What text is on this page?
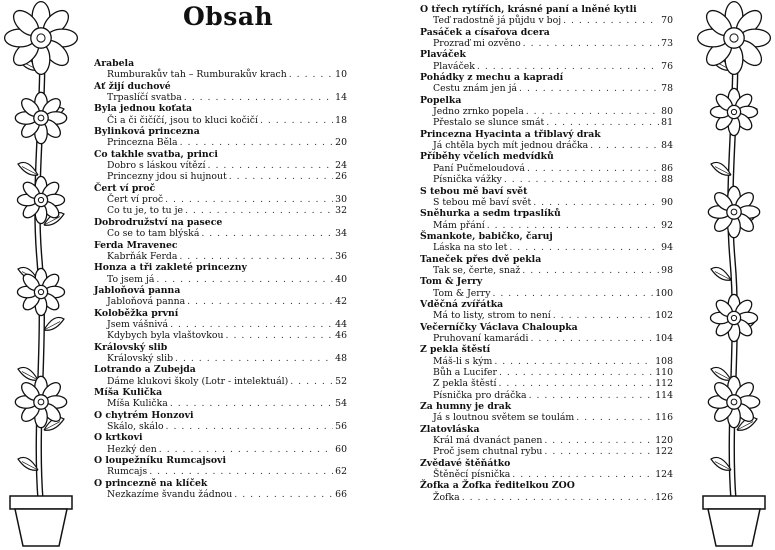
Obsah
Arabela
Rumburakův tah – Rumburakův krach . . .	10
Ať žijí duchové
Trpaslíčí svatba . . .	14
Byla jednou koťata
Či a či čičíčí, jsou to kluci kočičí . . .	18
Bylinková princezna
Princezna Běla . . .	20
Co takhle svatba, princi
Dobro s láskou vítězí . . .	24
Princezny jdou si hujnout . . .	26
Čert ví proč
Čert ví proč . . .	30
Co tu je, to tu je . . .	32
Dobrodružství na pasece
Co se to tam blýská . . .	34
Ferda Mravenec
Kabrňák Ferda . . .	36
Honza a tři zakleté princezny
To jsem já . . .	40
Jabloňová panna
Jabloňová panna . . .	42
Koloběžka první
Jsem vášnivá . . .	44
Kdybych byla vlaštovkou . . .	46
Královský slib
Královský slib . . .	48
Lotrando a Zubejda
Dáme klukovi školy (Lotr - intelektuál) . . .	52
Míša Kulička
Míša Kulička . . .	54
O chytrém Honzovi
Skálo, skálo . . .	56
O krtkovi
Hezký den . . .	60
O loupežníku Rumcajsovi
Rumcajs . . .	62
O princezně na klíček
Nezkazíme švandu žádnou . . .	66
O třech rytířích, krásné paní a lněné kytli
Teď radostně já půjdu v boj . . .	70
Pasáček a císařova dcera
Prozraď mi ozvěno . . .	73
Plaváček
Plaváček . . .	76
Pohádky z mechu a kapradí
Cestu znám jen já . . .	78
Popelka
Jedno zrnko popela . . .	80
Přestalo se slunce smát . . .	81
Princezna Hyacinta a třiblavý drak
Já chtěla bych mít jednou dráčka . . .	84
Příběhy včelích medvídků
Paní Pučmeloudová . . .	86
Písnička vážky . . .	88
S tebou mě baví svět
S tebou mě baví svět . . .	90
Sněhurka a sedm trpaslíků
Mám přání . . .	92
Šmankote, babičko, čaruj
Láska na sto let . . .	94
Taneček přes dvě pekla
Tak se, čerte, snaž . . .	98
Tom & Jerry
Tom & Jerry . . .	100
Vděčná zvířátka
Má to listy, strom to není . . .	102
Večerníčky Václava Chaloupka
Pruhovaní kamarádi . . .	104
Z pekla štěstí
Máš-li s kým . . .	108
Bůh a Lucifer . . .	110
Z pekla štěstí . . .	112
Písnička pro dráčka . . .	114
Za humny je drak
Já s loutnou světem se toulám . . .	116
Zlatovláska
Král má dvanáct panen . . .	120
Proč jsem chutnal rybu . . .	122
Zvědavé štěňátko
Štěněcí písnička . . .	124
Žofka a Žofka ředitelkou ZOO
Žofka . . .	126
